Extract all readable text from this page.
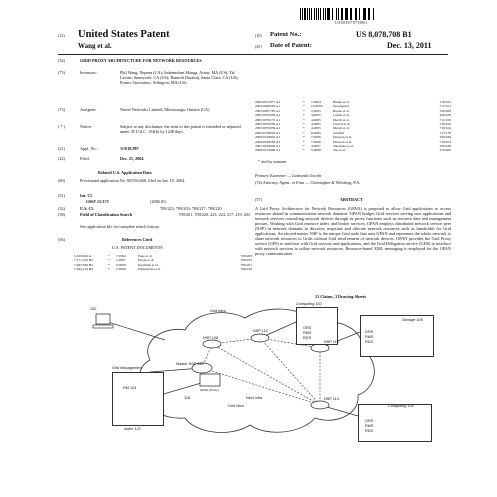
US008078708B1
(12) United States Patent
Wang et al.
(10) Patent No.:	US 8,078,708 B1
(45) Date of Patent:	Dec. 13, 2011
(54)	GRID PROXY ARCHITECTURE FOR NETWORK RESOURCES
(75)	Inventors:	Phil Wang, Nepean (CA); Indermohan Monga, Acton, MA (US); Tal Lavian, Sunnyvale, CA (US); Ramesh Durairaj, Santa Clara, CA (US); Franco Travostino, Arlington, MA (US)
(73)	Assignee:	Nortel Networks Limited, Mississauga, Ontario (CA)
( * )	Notice:	Subject to any disclaimer, the term of this patent is extended or adjusted under 35 U.S.C. 154(b) by 1248 days.
(21)	Appl. No.:	11/018,997
(22)	Filed:	Dec. 21, 2004
Related U.S. Application Data
(60)	Provisional application No. 60/536,668, filed on Jan. 15, 2004.
(51)	Int. Cl.
G06F 15/173	(2006.01)
(52)	U.S. Cl.	709/223; 709/203; 709/217; 709/220
(58)	Field of Classification Search	709/201, 709/220, 223, 224, 217, 219, 203
See application file for complete search history.
(56)	References Cited
U.S. PATENT DOCUMENTS
5,329,619 A	*	7/1994	Page et al.	709/203
7,171,470 B2	*	1/2007	Doyle et al.	709/225
7,493,358 B2	*	2/2009	Kaufman et al.	709/201
7,562,143 B2	*	7/2009	Fellenstein et al.	709/226
2004/0015977 A1	*	1/2004	Benke et al.	718/105
2004/0268293 A1	*	12/2004	Woodgeard	717/101
2005/0027785 A1	*	2/2005	Bozak et al.	709/200
2005/0076339 A1	*	4/2005	Cohen et al.	426/106
2005/0076173 A1	*	4/2005	Merril et al.	711/100
2005/0076336 A1	*	4/2005	Cutrell et al.	718/100
2005/0076339 A1	*	4/2005	Merril et al.	718/104
2005/0138618 A1	*	6/2005	Gebhart	717/176
2006/0149842 A1	*	7/2006	Dawson et al.	709/226
2006/0168584 A1	*	7/2006	Dawson et al.	718/104
2007/0079004 A1	*	4/2007	Tatemura et al.	709/238
2008/0123668 A1	*	5/2008	Tan et al.	370/400
* cited by examiner
Primary Examiner — Lashonda Jacobs
(74) Attorney, Agent, or Firm — Christopher & Weisberg, P.A.
(57)	ABSTRACT
A Grid Proxy Architecture for Network Resources (GPAN) is proposed to allow Grid applications to access resources shared in communication network domains. GPAN bridges Grid services serving user applications and network services controlling network devices through its proxy functions such as resource data and management proxies. Working with Grid resource index and broker services, GPAN employs distributed network service peer (NSP) in network domains to discover, negotiate and allocate network resources such as bandwidth for Grid applications. An elected master NSP is the unique Grid node that runs GPAN and represents the whole network to share network resources to Grids without Grid involvement of network devices. GPAN provides the Grid Proxy service (GPS) to interface with Grid services and applications, and the Grid Delegation service (GDS) to interface with network services to utilize network resources. Resource-based XML messaging is employed for the GPAN proxy communication.
21 Claims, 3 Drawing Sheets
GRS
RMS
RDS
Computing 102
GRS
RMS
RDS
Storage 106
GRS
RMS
RDS
Computing 104
RM 124
Grid Management
Index 122
NSP 110
NSP 108
NSP 112
NSP 114
Master NSP 116
GPAN (Proxy)
Grid infra
Grid infra
Next infra
120
118
